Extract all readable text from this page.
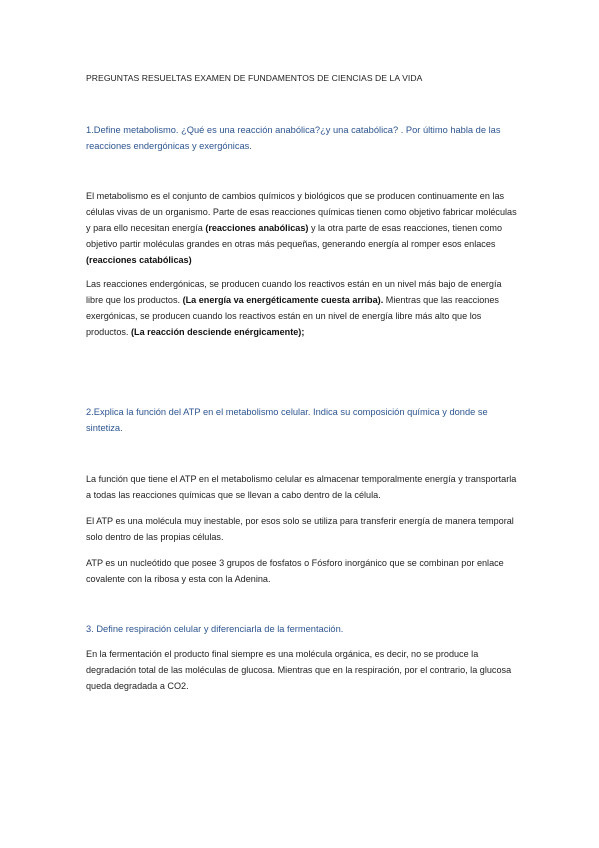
PREGUNTAS RESUELTAS EXAMEN DE FUNDAMENTOS DE CIENCIAS DE LA VIDA
1.Define metabolismo. ¿Qué es una reacción anabólica?¿y una catabólica? . Por último habla de las reacciones endergónicas y exergónicas.
El metabolismo es el conjunto de cambios químicos y biológicos que se producen continuamente en las células vivas de un organismo. Parte de esas reacciones químicas tienen como objetivo fabricar moléculas y para ello necesitan energía (reacciones anabólicas) y la otra parte de esas reacciones, tienen como objetivo partir moléculas grandes en otras más pequeñas, generando energía al romper esos enlaces (reacciones catabólicas)
Las reacciones endergónicas, se producen cuando los reactivos están en un nivel más bajo de energía libre que los productos. (La energía va energéticamente cuesta arriba). Mientras que las reacciones exergónicas, se producen cuando los reactivos están en un nivel de energía libre más alto que los productos. (La reacción desciende enérgicamente);
2.Explica la función del ATP en el metabolismo celular. Indica su composición química y donde se sintetiza.
La función que tiene el ATP en el metabolismo celular es almacenar temporalmente energía y transportarla a todas las reacciones químicas que se llevan a cabo dentro de la célula.
El ATP es una molécula muy inestable, por esos solo se utiliza para transferir energía de manera temporal solo dentro de las propias células.
ATP es un nucleótido que posee 3 grupos de fosfatos o Fósforo inorgánico que se combinan por enlace covalente con la ribosa y esta con la Adenina.
3. Define respiración celular y diferenciarla de la fermentación.
En la fermentación el producto final siempre es una molécula orgánica, es decir, no se produce la degradación total de las moléculas de glucosa. Mientras que en la respiración, por el contrario, la glucosa queda degradada a CO2.
